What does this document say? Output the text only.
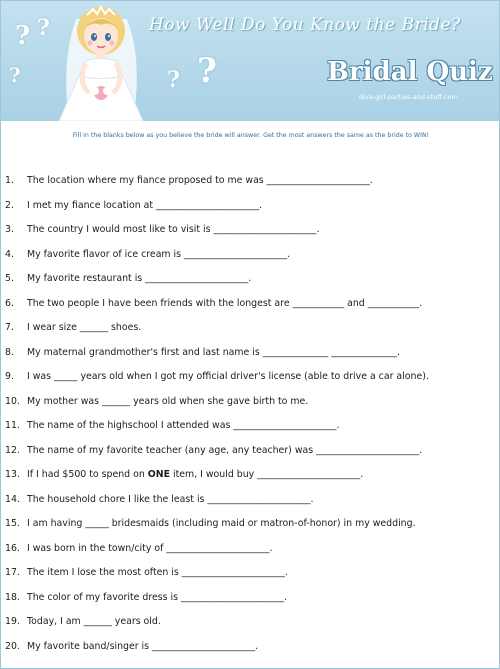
? ?
?	? ?
How Well Do You Know the Bride?
Bridal Quiz
diva-girl-parties-and-stuff.com
Fill in the blanks below as you believe the bride will answer. Get the most answers the same as the bride to WIN!
1. The location where my fiance proposed to me was ______________________.
2. I met my fiance location at ______________________.
3. The country I would most like to visit is ______________________.
4. My favorite flavor of ice cream is ______________________.
5. My favorite restaurant is ______________________.
6. The two people I have been friends with the longest are ___________ and ___________.
7. I wear size ______ shoes.
8. My maternal grandmother's first and last name is ______________ ______________.
9. I was _____ years old when I got my official driver's license (able to drive a car alone).
10. My mother was ______ years old when she gave birth to me.
11. The name of the highschool I attended was ______________________.
12. The name of my favorite teacher (any age, any teacher) was ______________________.
13. If I had $500 to spend on ONE item, I would buy ______________________.
14. The household chore I like the least is ______________________.
15. I am having _____ bridesmaids (including maid or matron-of-honor) in my wedding.
16. I was born in the town/city of ______________________.
17. The item I lose the most often is ______________________.
18. The color of my favorite dress is ______________________.
19. Today, I am ______ years old.
20. My favorite band/singer is ______________________.
